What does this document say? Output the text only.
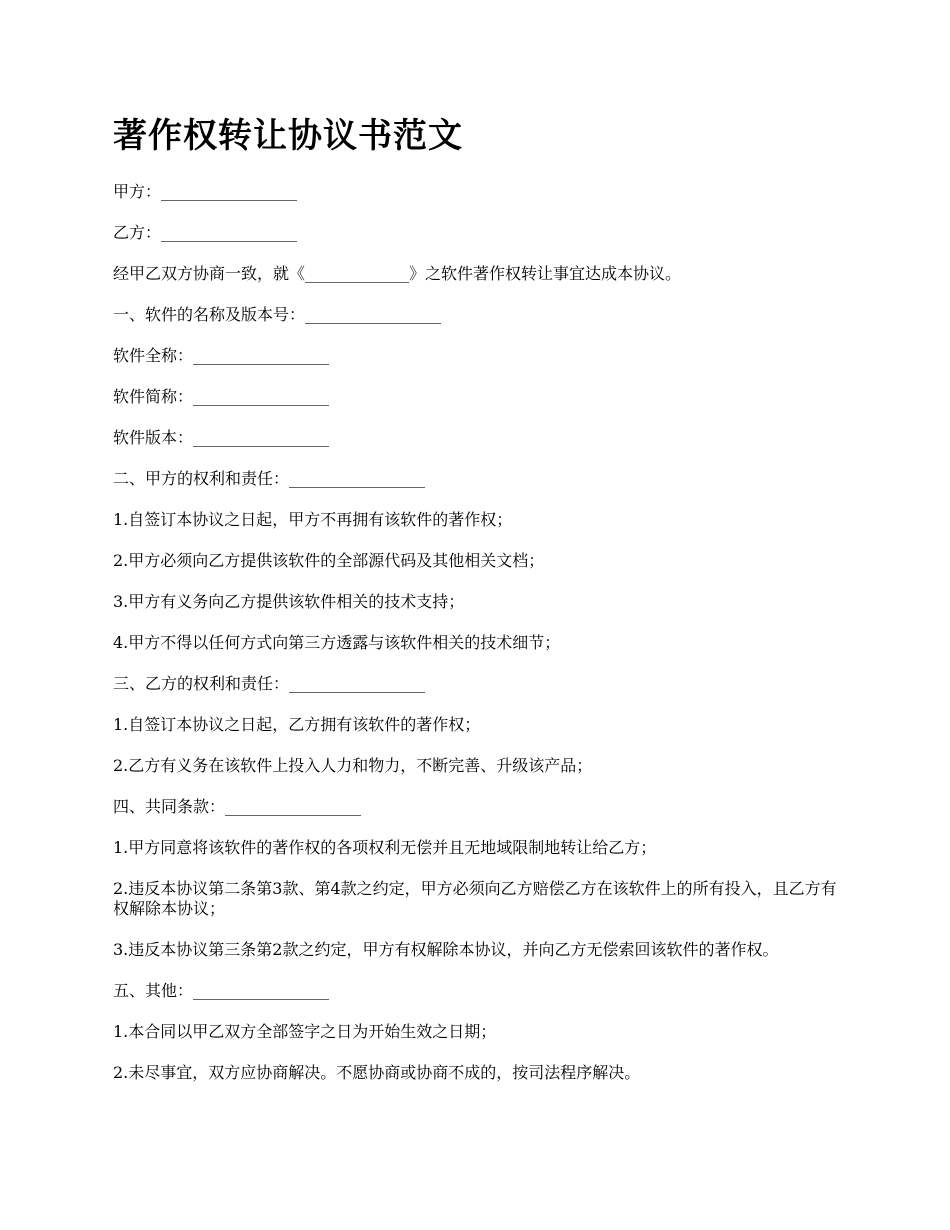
著作权转让协议书范文

甲方：_________________

乙方：_________________

经甲乙双方协商一致，就《_____________》之软件著作权转让事宜达成本协议。

一、软件的名称及版本号：_________________

软件全称：_________________

软件简称：_________________

软件版本：_________________

二、甲方的权利和责任：_________________

1.自签订本协议之日起，甲方不再拥有该软件的著作权；

2.甲方必须向乙方提供该软件的全部源代码及其他相关文档；

3.甲方有义务向乙方提供该软件相关的技术支持；

4.甲方不得以任何方式向第三方透露与该软件相关的技术细节；

三、乙方的权利和责任：_________________

1.自签订本协议之日起，乙方拥有该软件的著作权；

2.乙方有义务在该软件上投入人力和物力，不断完善、升级该产品；

四、共同条款：_________________

1.甲方同意将该软件的著作权的各项权利无偿并且无地域限制地转让给乙方；

2.违反本协议第二条第3款、第4款之约定，甲方必须向乙方赔偿乙方在该软件上的所有投入，且乙方有权解除本协议；

3.违反本协议第三条第2款之约定，甲方有权解除本协议，并向乙方无偿索回该软件的著作权。

五、其他：_________________

1.本合同以甲乙双方全部签字之日为开始生效之日期；

2.未尽事宜，双方应协商解决。不愿协商或协商不成的，按司法程序解决。
